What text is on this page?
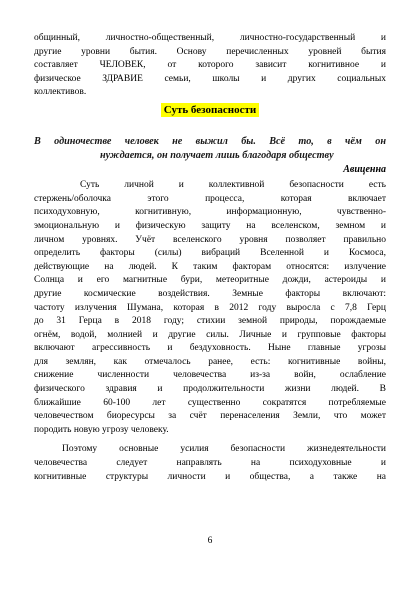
общинный, личностно-общественный, личностно-государственный и
другие уровни бытия. Основу перечисленных уровней бытия
составляет ЧЕЛОВЕК, от которого зависит когнитивное и
физическое ЗДРАВИЕ семьи, школы и других социальных
коллективов.
Суть безопасности
В одиночестве человек не выжил бы. Всё то, в чём он
нуждается, он получает лишь благодаря обществу
Авиценна
Суть личной и коллективной безопасности есть
стержень/оболочка этого процесса, которая включает
психодуховную, когнитивную, информационную, чувственно-
эмоциональную и физическую защиту на вселенском, земном и
личном уровнях. Учёт вселенского уровня позволяет правильно
определить факторы (силы) вибраций Вселенной и Космоса,
действующие на людей. К таким факторам относятся: излучение
Солнца и его магнитные бури, метеоритные дожди, астероиды и
другие космические воздействия. Земные факторы включают:
частоту излучения Шумана, которая в 2012 году выросла с 7,8 Герц
до 31 Герца в 2018 году; стихии земной природы, порождаемые
огнём, водой, молнией и другие силы. Личные и групповые факторы
включают агрессивность и бездуховность. Ныне главные угрозы
для землян, как отмечалось ранее, есть: когнитивные войны,
снижение численности человечества из-за войн, ослабление
физического здравия и продолжительности жизни людей. В
ближайшие 60-100 лет существенно сократятся потребляемые
человечеством биоресурсы за счёт перенаселения Земли, что может
породить новую угрозу человеку.
Поэтому основные усилия безопасности жизнедеятельности
человечества следует направлять на психодуховные и
когнитивные структуры личности и общества, а также на
6
